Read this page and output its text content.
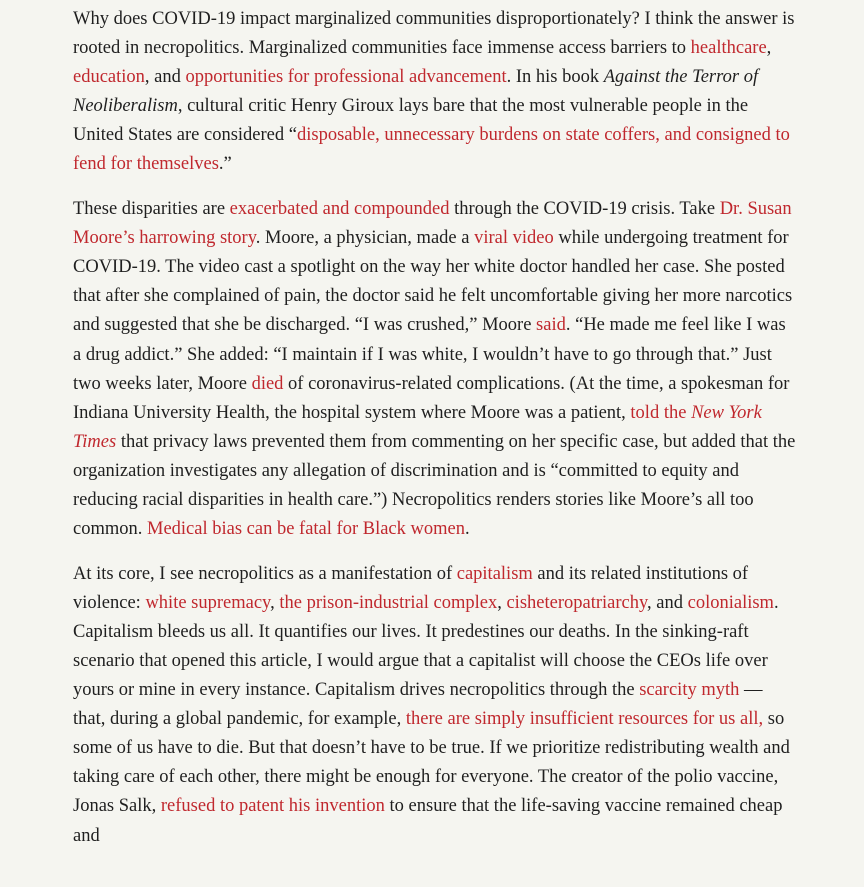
Why does COVID-19 impact marginalized communities disproportionately? I think the answer is rooted in necropolitics. Marginalized communities face immense access barriers to healthcare, education, and opportunities for professional advancement. In his book Against the Terror of Neoliberalism, cultural critic Henry Giroux lays bare that the most vulnerable people in the United States are considered “disposable, unnecessary burdens on state coffers, and consigned to fend for themselves.”

These disparities are exacerbated and compounded through the COVID-19 crisis. Take Dr. Susan Moore’s harrowing story. Moore, a physician, made a viral video while undergoing treatment for COVID-19. The video cast a spotlight on the way her white doctor handled her case. She posted that after she complained of pain, the doctor said he felt uncomfortable giving her more narcotics and suggested that she be discharged. “I was crushed,” Moore said. “He made me feel like I was a drug addict.” She added: “I maintain if I was white, I wouldn’t have to go through that.” Just two weeks later, Moore died of coronavirus-related complications. (At the time, a spokesman for Indiana University Health, the hospital system where Moore was a patient, told the New York Times that privacy laws prevented them from commenting on her specific case, but added that the organization investigates any allegation of discrimination and is “committed to equity and reducing racial disparities in health care.”) Necropolitics renders stories like Moore’s all too common. Medical bias can be fatal for Black women.

At its core, I see necropolitics as a manifestation of capitalism and its related institutions of violence: white supremacy, the prison-industrial complex, cisheteropatriarchy, and colonialism. Capitalism bleeds us all. It quantifies our lives. It predestines our deaths. In the sinking-raft scenario that opened this article, I would argue that a capitalist will choose the CEOs life over yours or mine in every instance. Capitalism drives necropolitics through the scarcity myth — that, during a global pandemic, for example, there are simply insufficient resources for us all, so some of us have to die. But that doesn’t have to be true. If we prioritize redistributing wealth and taking care of each other, there might be enough for everyone. The creator of the polio vaccine, Jonas Salk, refused to patent his invention to ensure that the life-saving vaccine remained cheap and
